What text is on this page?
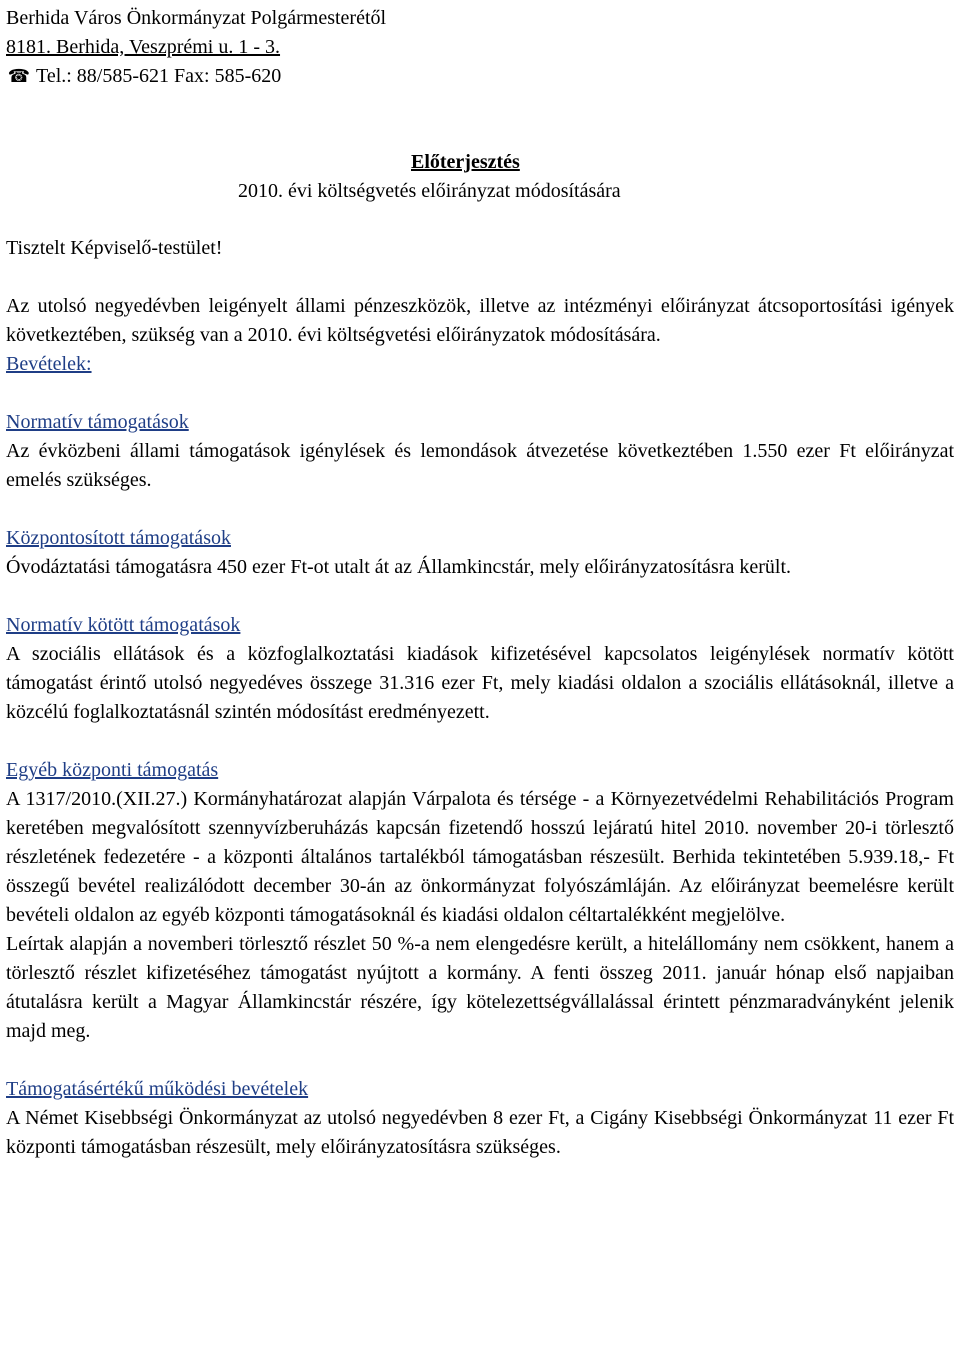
Berhida Város Önkormányzat Polgármesterétől
8181. Berhida, Veszprémi u. 1 - 3.
☎ Tel.: 88/585-621 Fax: 585-620
Előterjesztés
2010. évi költségvetés előirányzat módosítására
Tisztelt Képviselő-testület!

Az utolsó negyedévben leigényelt állami pénzeszközök, illetve az intézményi előirányzat átcsoportosítási igények következtében, szükség van a 2010. évi költségvetési előirányzatok módosítására.

Bevételek:
Normatív támogatások

Az évközbeni állami támogatások igénylések és lemondások átvezetése következtében 1.550 ezer Ft előirányzat emelés szükséges.

Központosított támogatások

Óvodáztatási támogatásra 450 ezer Ft-ot utalt át az Államkincstár, mely előirányzatosításra került.

Normatív kötött támogatások

A szociális ellátások és a közfoglalkoztatási kiadások kifizetésével kapcsolatos leigénylések normatív kötött támogatást érintő utolsó negyedéves összege 31.316 ezer Ft, mely kiadási oldalon a szociális ellátásoknál, illetve a közcélú foglalkoztatásnál szintén módosítást eredményezett.

Egyéb központi támogatás

A 1317/2010.(XII.27.) Kormányhatározat alapján Várpalota és térsége - a Környezetvédelmi Rehabilitációs Program keretében megvalósított szennyvízberuházás kapcsán fizetendő hosszú lejáratú hitel 2010. november 20-i törlesztő részletének fedezetére - a központi általános tartalékból támogatásban részesült. Berhida tekintetében 5.939.18,- Ft összegű bevétel realizálódott december 30-án az önkormányzat folyószámláján. Az előirányzat beemelésre került bevételi oldalon az egyéb központi támogatásoknál és kiadási oldalon céltartalékként megjelölve.

Leírtak alapján a novemberi törlesztő részlet 50 %-a nem elengedésre került, a hitelállomány nem csökkent, hanem a törlesztő részlet kifizetéséhez támogatást nyújtott a kormány. A fenti összeg 2011. január hónap első napjaiban átutalásra került a Magyar Államkincstár részére, így kötelezettségvállalással érintett pénzmaradványként jelenik majd meg.

Támogatásértékű működési bevételek

A Német Kisebbségi Önkormányzat az utolsó negyedévben 8 ezer Ft, a Cigány Kisebbségi Önkormányzat 11 ezer Ft központi támogatásban részesült, mely előirányzatosításra szükséges.
